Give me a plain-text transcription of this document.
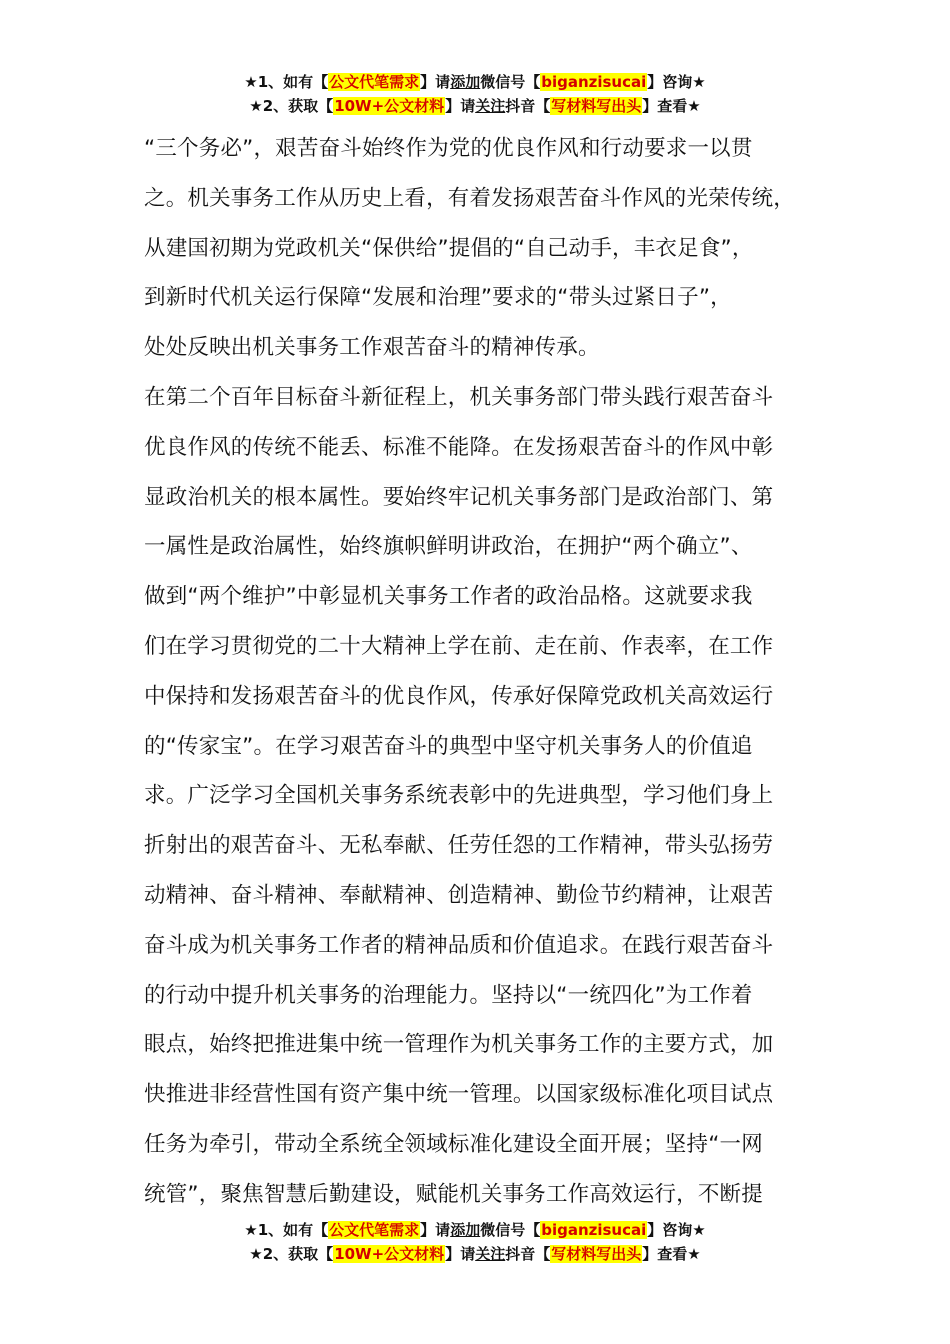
★1、如有【公文代笔需求】请添加微信号【biganzisucai】咨询★
★2、获取【10W+公文材料】请关注抖音【写材料写出头】查看★
“三个务必”，艰苦奋斗始终作为党的优良作风和行动要求一以贯
之。机关事务工作从历史上看，有着发扬艰苦奋斗作风的光荣传统，
从建国初期为党政机关“保供给”提倡的“自己动手，丰衣足食”，
到新时代机关运行保障“发展和治理”要求的“带头过紧日子”，
处处反映出机关事务工作艰苦奋斗的精神传承。
在第二个百年目标奋斗新征程上，机关事务部门带头践行艰苦奋斗
优良作风的传统不能丢、标准不能降。在发扬艰苦奋斗的作风中彰
显政治机关的根本属性。要始终牢记机关事务部门是政治部门、第
一属性是政治属性，始终旗帜鲜明讲政治，在拥护“两个确立”、
做到“两个维护”中彰显机关事务工作者的政治品格。这就要求我
们在学习贯彻党的二十大精神上学在前、走在前、作表率，在工作
中保持和发扬艰苦奋斗的优良作风，传承好保障党政机关高效运行
的“传家宝”。在学习艰苦奋斗的典型中坚守机关事务人的价值追
求。广泛学习全国机关事务系统表彰中的先进典型，学习他们身上
折射出的艰苦奋斗、无私奉献、任劳任怨的工作精神，带头弘扬劳
动精神、奋斗精神、奉献精神、创造精神、勤俭节约精神，让艰苦
奋斗成为机关事务工作者的精神品质和价值追求。在践行艰苦奋斗
的行动中提升机关事务的治理能力。坚持以“一统四化”为工作着
眼点，始终把推进集中统一管理作为机关事务工作的主要方式，加
快推进非经营性国有资产集中统一管理。以国家级标准化项目试点
任务为牵引，带动全系统全领域标准化建设全面开展；坚持“一网
统管”，聚焦智慧后勤建设，赋能机关事务工作高效运行，不断提
★1、如有【公文代笔需求】请添加微信号【biganzisucai】咨询★
★2、获取【10W+公文材料】请关注抖音【写材料写出头】查看★
